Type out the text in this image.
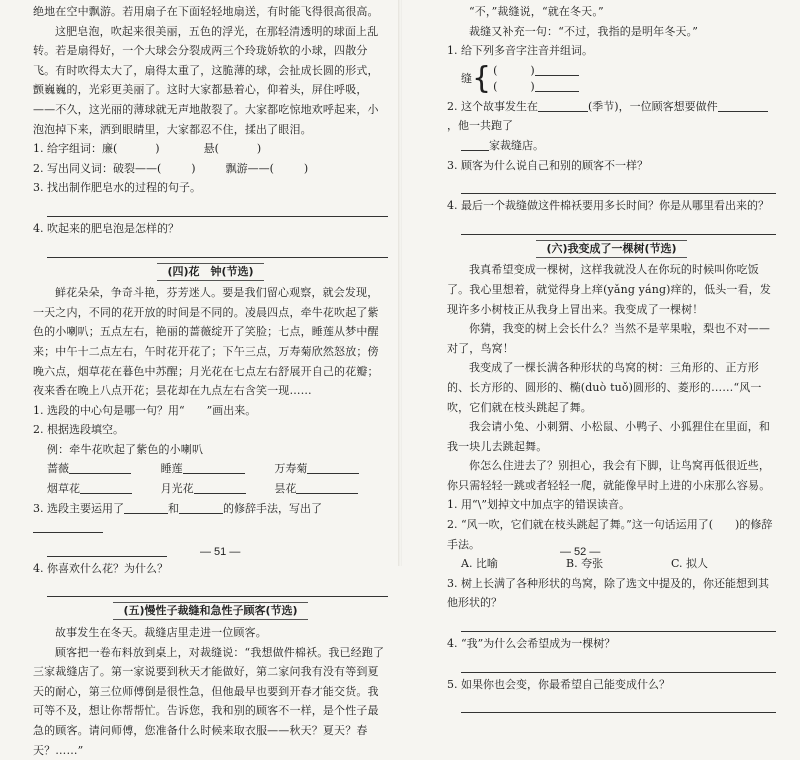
绝地在空中飘游。若用扇子在下面轻轻地扇送，有时能飞得很高很高。

这肥皂泡，吹起来很美丽，五色的浮光，在那轻清透明的球面上乱转。若是扇得好，一个大球会分裂成两三个玲珑娇软的小球，四散分飞。有时吹得太大了，扇得太重了，这脆薄的球，会扯成长圆的形式，颤巍巍的，光彩更美丽了。这时大家都悬着心，仰着头，屏住呼吸，——不久，这光丽的薄球就无声地散裂了。大家都吃惊地欢呼起来，小泡泡掉下来，洒到眼睛里，大家都忍不住，揉出了眼泪。

1. 给字组词：廉(	)	悬(	)
2. 写出同义词：破裂——(	)	飘游——(	)

3. 找出制作肥皂水的过程的句子。

4. 吹起来的肥皂泡是怎样的？

(四)花　钟(节选)

鲜花朵朵，争奇斗艳，芬芳迷人。要是我们留心观察，就会发现，一天之内，不同的花开放的时间是不同的。凌晨四点，牵牛花吹起了紫色的小喇叭；五点左右，艳丽的蔷薇绽开了笑脸；七点，睡莲从梦中醒来；中午十二点左右，午时花开花了；下午三点，万寿菊欣然怒放；傍晚六点，烟草花在暮色中苏醒；月光花在七点左右舒展开自己的花瓣；夜来香在晚上八点开花；昙花却在九点左右含笑一现……

1. 选段的中心句是哪一句？用“　　”画出来。

2. 根据选段填空。

例：牵牛花吹起了紫色的小喇叭

蔷薇	睡莲	万寿菊
烟草花	月光花	昙花

3. 选段主要运用了	和	的修辞手法，写出了

4. 你喜欢什么花？为什么？

(五)慢性子裁缝和急性子顾客(节选)

故事发生在冬天。裁缝店里走进一位顾客。

顾客把一卷布料放到桌上，对裁缝说：“我想做件棉袄。我已经跑了三家裁缝店了。第一家说要到秋天才能做好，第二家问我有没有等到夏天的耐心，第三位师傅倒是很性急，但他最早也要到开春才能交货。我可等不及，想让你帮帮忙。告诉您，我和别的顾客不一样，是个性子最急的顾客。请问师傅，您准备什么时候来取衣服——秋天？夏天？春天？……”

— 51 —

“不，”裁缝说，“就在冬天。”

裁缝又补充一句：“不过，我指的是明年冬天。”

1. 给下列多音字注音并组词。

缝 { (　　　)
(　　　)

2. 这个故事发生在	(季节)，一位顾客想要做件，他一共跑了

家裁缝店。

3. 顾客为什么说自己和别的顾客不一样？

4. 最后一个裁缝做这件棉袄要用多长时间？你是从哪里看出来的？

(六)我变成了一棵树(节选)

我真希望变成一棵树，这样我就没人在你玩的时候叫你吃饭了。我心里想着，就觉得身上痒(yǎng yáng)痒的，低头一看，发现许多小树枝正从我身上冒出来。我变成了一棵树！

你猜，我变的树上会长什么？当然不是苹果啦，梨也不对——对了，鸟窝！

我变成了一棵长满各种形状的鸟窝的树：三角形的、正方形的、长方形的、圆形的、椭(duò tuǒ)圆形的、菱形的……“风一吹，它们就在枝头跳起了舞。

我会请小兔、小刺猬、小松鼠、小鸭子、小狐狸住在里面，和我一块儿去跳起舞。

你怎么住进去了？别担心，我会有下脚，让鸟窝再低很近些，你只需轻轻一跳或者轻轻一爬，就能像早时上进的小床那么容易。

1. 用“\”划掉文中加点字的错误读音。

2. “风一吹，它们就在枝头跳起了舞。”这一句话运用了(　　)的修辞手法。

A. 比喻	B. 夸张	C. 拟人

3. 树上长满了各种形状的鸟窝，除了选文中提及的，你还能想到其他形状的？

4. “我”为什么会希望成为一棵树？

5. 如果你也会变，你最希望自己能变成什么？

— 52 —
